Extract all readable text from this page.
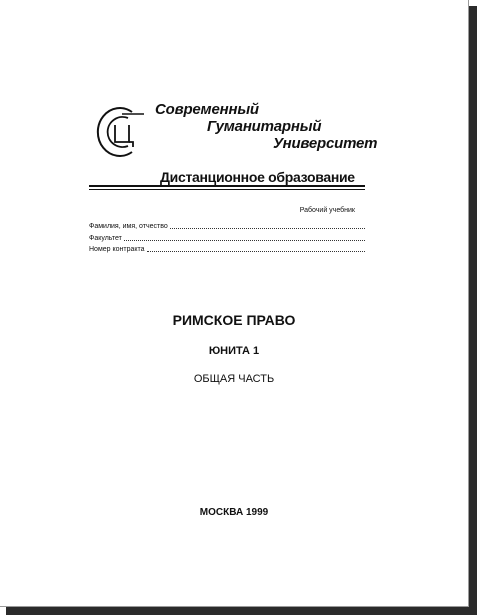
Современный
Гуманитарный
Университет
Дистанционное образование
Рабочий учебник
Фамилия, имя, отчество
Факультет
Номер контракта
РИМСКОЕ ПРАВО
ЮНИТА 1
ОБЩАЯ ЧАСТЬ
МОСКВА 1999
